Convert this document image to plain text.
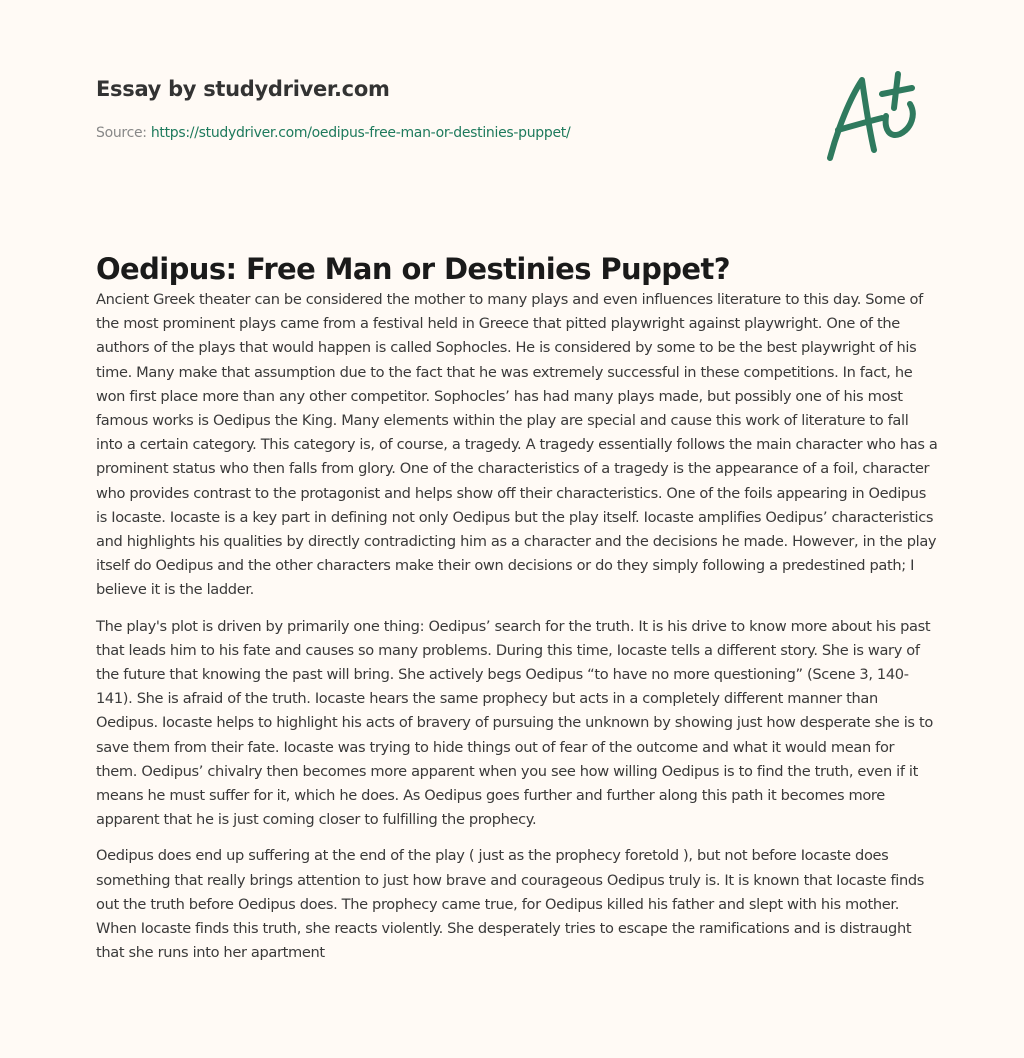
Essay by studydriver.com
Source: https://studydriver.com/oedipus-free-man-or-destinies-puppet/
Oedipus: Free Man or Destinies Puppet?

Ancient Greek theater can be considered the mother to many plays and even influences literature to this day. Some of the most prominent plays came from a festival held in Greece that pitted playwright against playwright. One of the authors of the plays that would happen is called Sophocles. He is considered by some to be the best playwright of his time. Many make that assumption due to the fact that he was extremely successful in these competitions. In fact, he won first place more than any other competitor. Sophocles’ has had many plays made, but possibly one of his most famous works is Oedipus the King. Many elements within the play are special and cause this work of literature to fall into a certain category. This category is, of course, a tragedy. A tragedy essentially follows the main character who has a prominent status who then falls from glory. One of the characteristics of a tragedy is the appearance of a foil, character who provides contrast to the protagonist and helps show off their characteristics. One of the foils appearing in Oedipus is Iocaste. Iocaste is a key part in defining not only Oedipus but the play itself. Iocaste amplifies Oedipus’ characteristics and highlights his qualities by directly contradicting him as a character and the decisions he made. However, in the play itself do Oedipus and the other characters make their own decisions or do they simply following a predestined path; I believe it is the ladder.

The play's plot is driven by primarily one thing: Oedipus’ search for the truth. It is his drive to know more about his past that leads him to his fate and causes so many problems. During this time, Iocaste tells a different story. She is wary of the future that knowing the past will bring. She actively begs Oedipus “to have no more questioning” (Scene 3, 140-141). She is afraid of the truth. Iocaste hears the same prophecy but acts in a completely different manner than Oedipus. Iocaste helps to highlight his acts of bravery of pursuing the unknown by showing just how desperate she is to save them from their fate. Iocaste was trying to hide things out of fear of the outcome and what it would mean for them. Oedipus’ chivalry then becomes more apparent when you see how willing Oedipus is to find the truth, even if it means he must suffer for it, which he does. As Oedipus goes further and further along this path it becomes more apparent that he is just coming closer to fulfilling the prophecy.

Oedipus does end up suffering at the end of the play ( just as the prophecy foretold ), but not before Iocaste does something that really brings attention to just how brave and courageous Oedipus truly is. It is known that Iocaste finds out the truth before Oedipus does. The prophecy came true, for Oedipus killed his father and slept with his mother. When Iocaste finds this truth, she reacts violently. She desperately tries to escape the ramifications and is distraught that she runs into her apartment
